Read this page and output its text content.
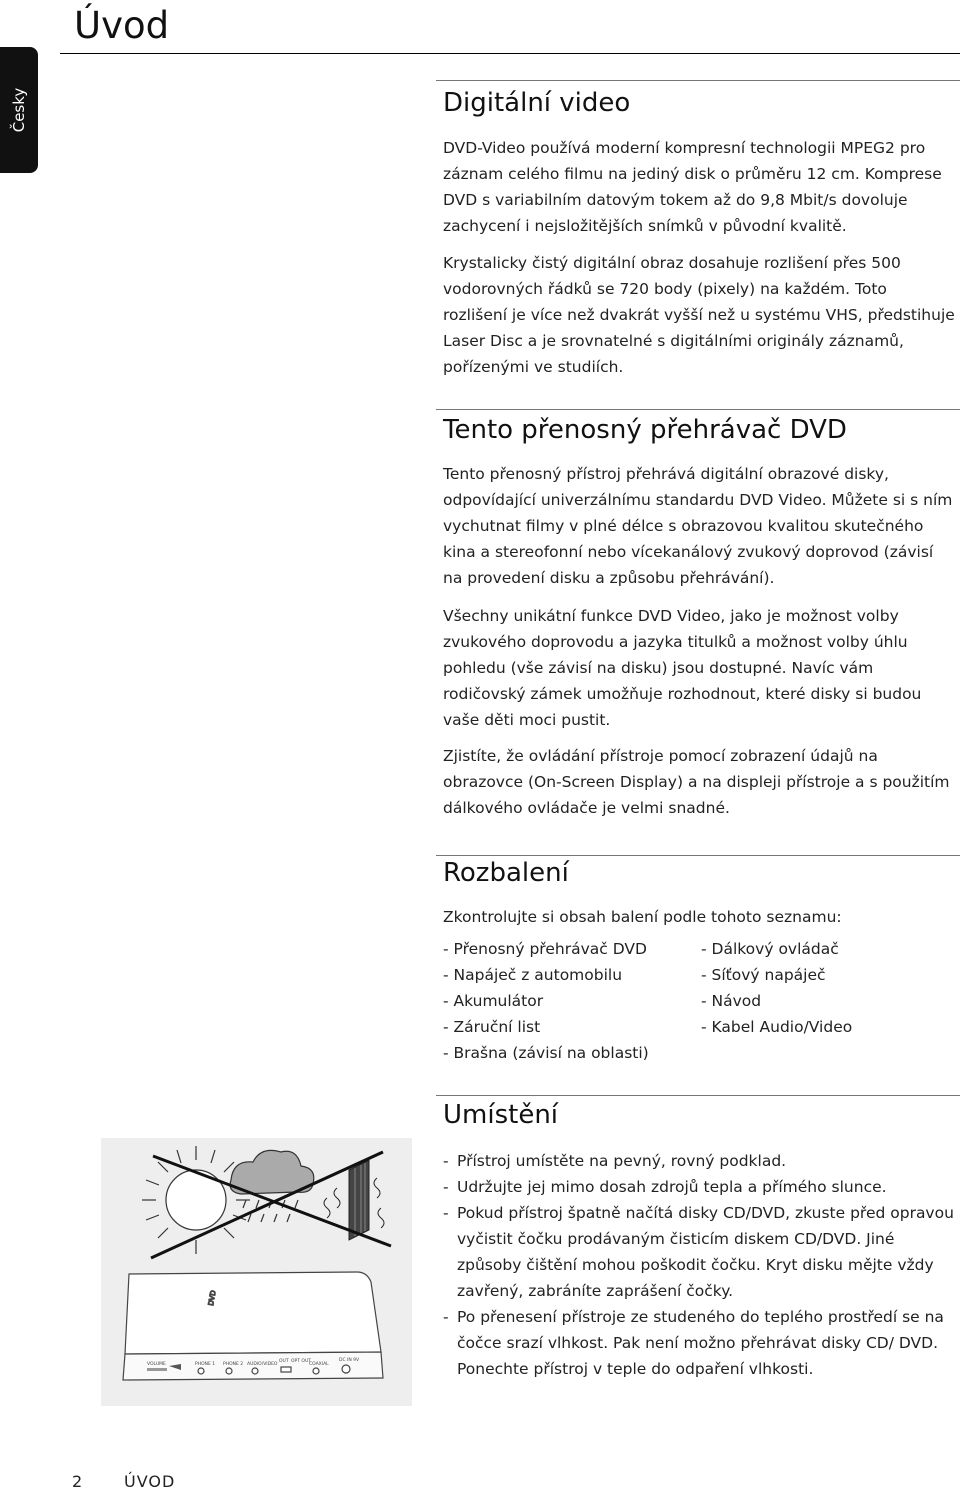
Úvod
Česky	Digitální video

DVD-Video používá moderní kompresní technologii MPEG2 pro záznam celého filmu na jediný disk o průměru 12 cm. Komprese DVD s variabilním datovým tokem až do 9,8 Mbit/s dovoluje zachycení i nejsložitějších snímků v původní kvalitě.

Krystalicky čistý digitální obraz dosahuje rozlišení přes 500 vodorovných řádků se 720 body (pixely) na každém. Toto rozlišení je více než dvakrát vyšší než u systému VHS, předstihuje Laser Disc a je srovnatelné s digitálními originály záznamů, pořízenými ve studiích.

Tento přenosný přehrávač DVD

Tento přenosný přístroj přehrává digitální obrazové disky, odpovídající univerzálnímu standardu DVD Video. Můžete si s ním vychutnat filmy v plné délce s obrazovou kvalitou skutečného kina a stereofonní nebo vícekanálový zvukový doprovod (závisí na provedení disku a způsobu přehrávání).

Všechny unikátní funkce DVD Video, jako je možnost volby zvukového doprovodu a jazyka titulků a možnost volby úhlu pohledu (vše závisí na disku) jsou dostupné. Navíc vám rodičovský zámek umožňuje rozhodnout, které disky si budou vaše děti moci pustit.

Zjistíte, že ovládání přístroje pomocí zobrazení údajů na obrazovce (On-Screen Display) a na displeji přístroje a s použitím dálkového ovládače je velmi snadné.

Rozbalení

Zkontrolujte si obsah balení podle tohoto seznamu:

- Přenosný přehrávač DVD	- Dálkový ovládač
- Napáječ z automobilu	- Síťový napáječ
- Akumulátor	- Návod
- Záruční list	- Kabel Audio/Video
- Brašna (závisí na oblasti)
Umístění
- Přístroj umístěte na pevný, rovný podklad.
- Udržujte jej mimo dosah zdrojů tepla a přímého slunce.
- Pokud přístroj špatně načítá disky CD/DVD, zkuste před opravou vyčistit čočku prodávaným čisticím diskem CD/DVD. Jiné způsoby čištění mohou poškodit čočku. Kryt disku mějte vždy zavřený, zabráníte zaprášení čočky.
- Po přenesení přístroje ze studeného do teplého prostředí se na čočce srazí vlhkost. Pak není možno přehrávat disky CD/ DVD. Ponechte přístroj v teple do odpaření vlhkosti.
DVD
VOLUME	PHONE 1 PHONE 2 AUDIO/VIDEO
OUT OPT OUT
COAXIAL
DC IN 9V
2	ÚVOD
